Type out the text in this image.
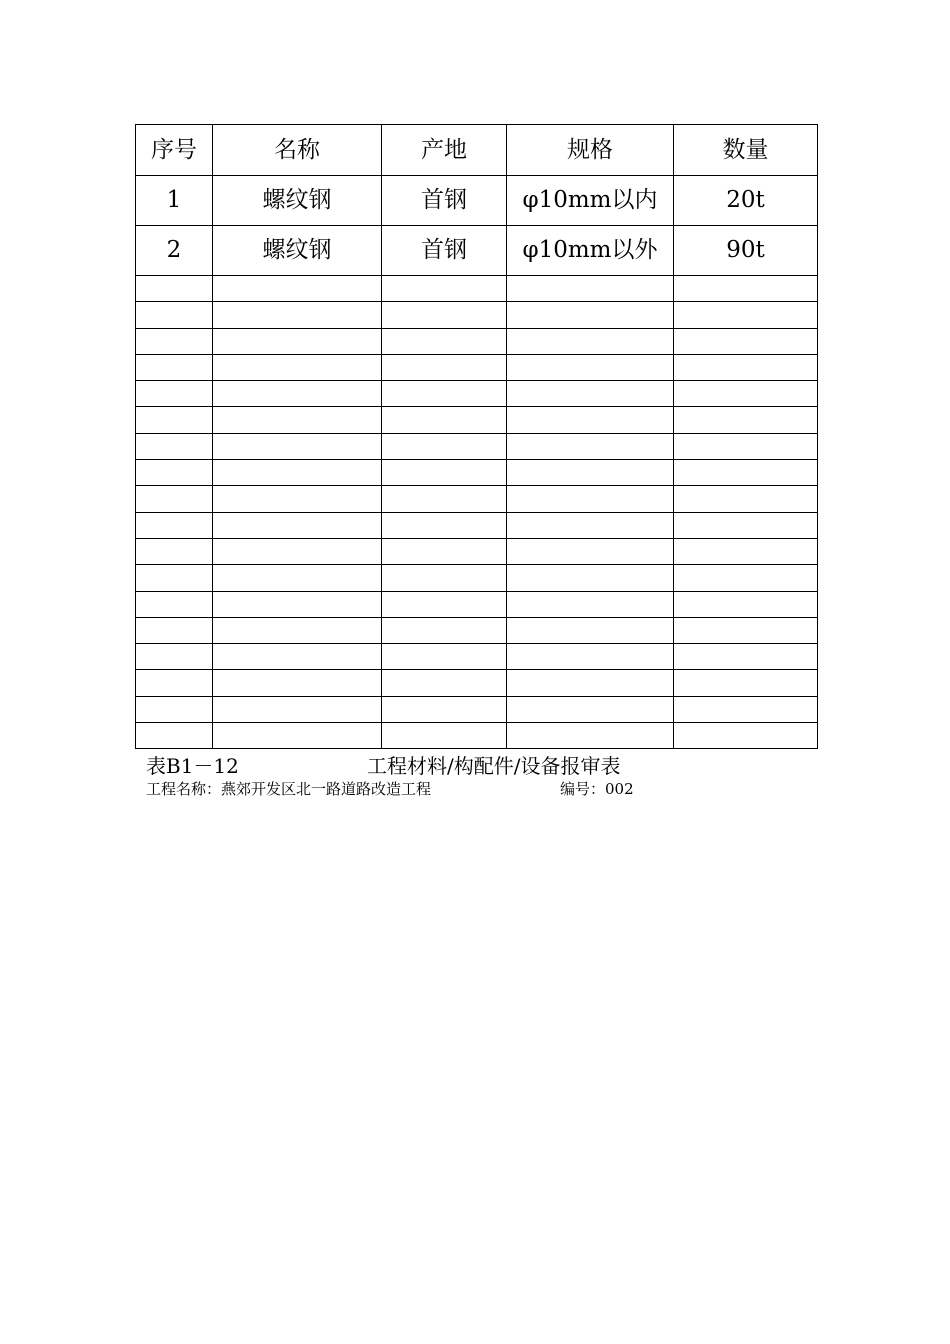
序号	名称	产地	规格	数量
1	螺纹钢	首钢	φ10mm以内	20t
2	螺纹钢	首钢	φ10mm以外	90t

表B1－12	工程材料/构配件/设备报审表
工程名称：燕郊开发区北一路道路改造工程	编号：002
